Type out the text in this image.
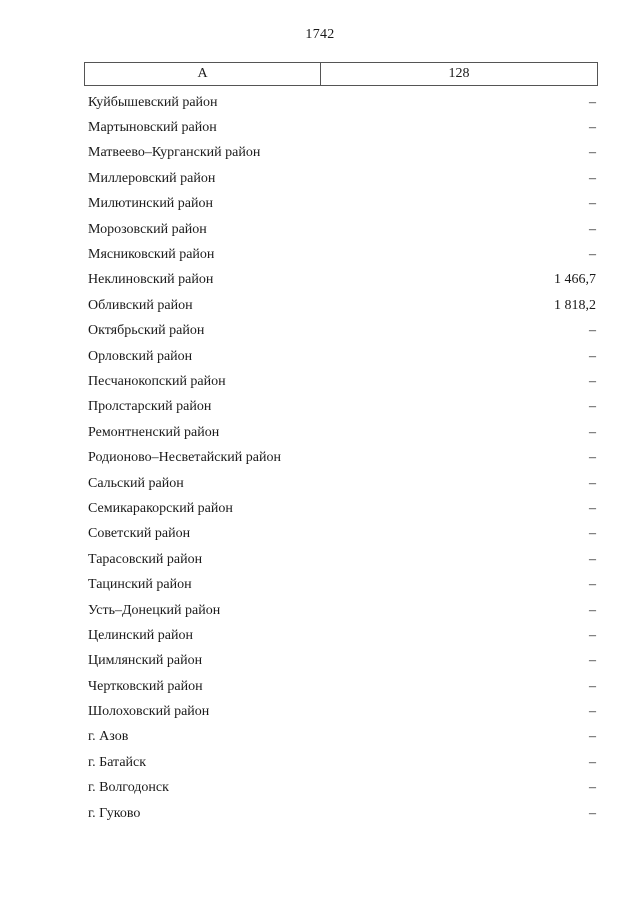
1742
А	128
Куйбышевский район	–
Мартыновский район	–
Матвеево–Курганский район	–
Миллеровский район	–
Милютинский район	–
Морозовский район	–
Мясниковский район	–
Неклиновский район	1 466,7
Обливский район	1 818,2
Октябрьский район	–
Орловский район	–
Песчанокопский район	–
Пролстарский район	–
Ремонтненский район	–
Родионово–Несветайский район	–
Сальский район	–
Семикаракорский район	–
Советский район	–
Тарасовский район	–
Тацинский район	–
Усть–Донецкий район	–
Целинский район	–
Цимлянский район	–
Чертковский район	–
Шолоховский район	–
г. Азов	–
г. Батайск	–
г. Волгодонск	–
г. Гуково	–
